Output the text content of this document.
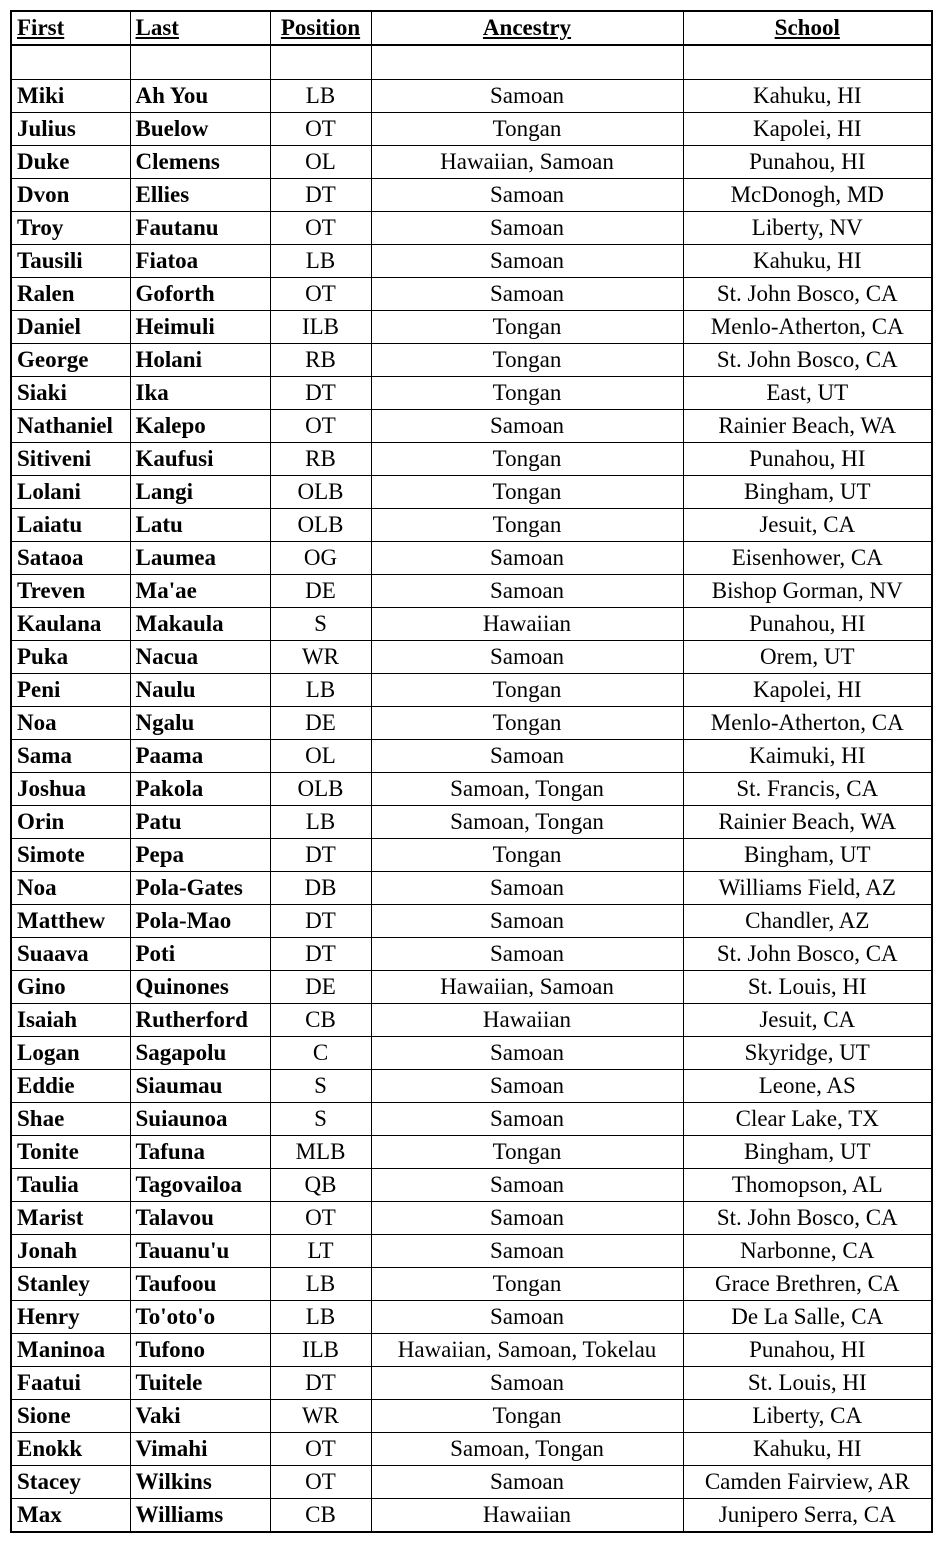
First	Last	Position	Ancestry	School

Miki	Ah You	LB	Samoan	Kahuku, HI
Julius	Buelow	OT	Tongan	Kapolei, HI
Duke	Clemens	OL	Hawaiian, Samoan	Punahou, HI
Dvon	Ellies	DT	Samoan	McDonogh, MD
Troy	Fautanu	OT	Samoan	Liberty, NV
Tausili	Fiatoa	LB	Samoan	Kahuku, HI
Ralen	Goforth	OT	Samoan	St. John Bosco, CA
Daniel	Heimuli	ILB	Tongan	Menlo-Atherton, CA
George	Holani	RB	Tongan	St. John Bosco, CA
Siaki	Ika	DT	Tongan	East, UT
Nathaniel	Kalepo	OT	Samoan	Rainier Beach, WA
Sitiveni	Kaufusi	RB	Tongan	Punahou, HI
Lolani	Langi	OLB	Tongan	Bingham, UT
Laiatu	Latu	OLB	Tongan	Jesuit, CA
Sataoa	Laumea	OG	Samoan	Eisenhower, CA
Treven	Ma'ae	DE	Samoan	Bishop Gorman, NV
Kaulana	Makaula	S	Hawaiian	Punahou, HI
Puka	Nacua	WR	Samoan	Orem, UT
Peni	Naulu	LB	Tongan	Kapolei, HI
Noa	Ngalu	DE	Tongan	Menlo-Atherton, CA
Sama	Paama	OL	Samoan	Kaimuki, HI
Joshua	Pakola	OLB	Samoan, Tongan	St. Francis, CA
Orin	Patu	LB	Samoan, Tongan	Rainier Beach, WA
Simote	Pepa	DT	Tongan	Bingham, UT
Noa	Pola-Gates	DB	Samoan	Williams Field, AZ
Matthew	Pola-Mao	DT	Samoan	Chandler, AZ
Suaava	Poti	DT	Samoan	St. John Bosco, CA
Gino	Quinones	DE	Hawaiian, Samoan	St. Louis, HI
Isaiah	Rutherford	CB	Hawaiian	Jesuit, CA
Logan	Sagapolu	C	Samoan	Skyridge, UT
Eddie	Siaumau	S	Samoan	Leone, AS
Shae	Suiaunoa	S	Samoan	Clear Lake, TX
Tonite	Tafuna	MLB	Tongan	Bingham, UT
Taulia	Tagovailoa	QB	Samoan	Thomopson, AL
Marist	Talavou	OT	Samoan	St. John Bosco, CA
Jonah	Tauanu'u	LT	Samoan	Narbonne, CA
Stanley	Taufoou	LB	Tongan	Grace Brethren, CA
Henry	To'oto'o	LB	Samoan	De La Salle, CA
Maninoa	Tufono	ILB	Hawaiian, Samoan, Tokelau	Punahou, HI
Faatui	Tuitele	DT	Samoan	St. Louis, HI
Sione	Vaki	WR	Tongan	Liberty, CA
Enokk	Vimahi	OT	Samoan, Tongan	Kahuku, HI
Stacey	Wilkins	OT	Samoan	Camden Fairview, AR
Max	Williams	CB	Hawaiian	Junipero Serra, CA
